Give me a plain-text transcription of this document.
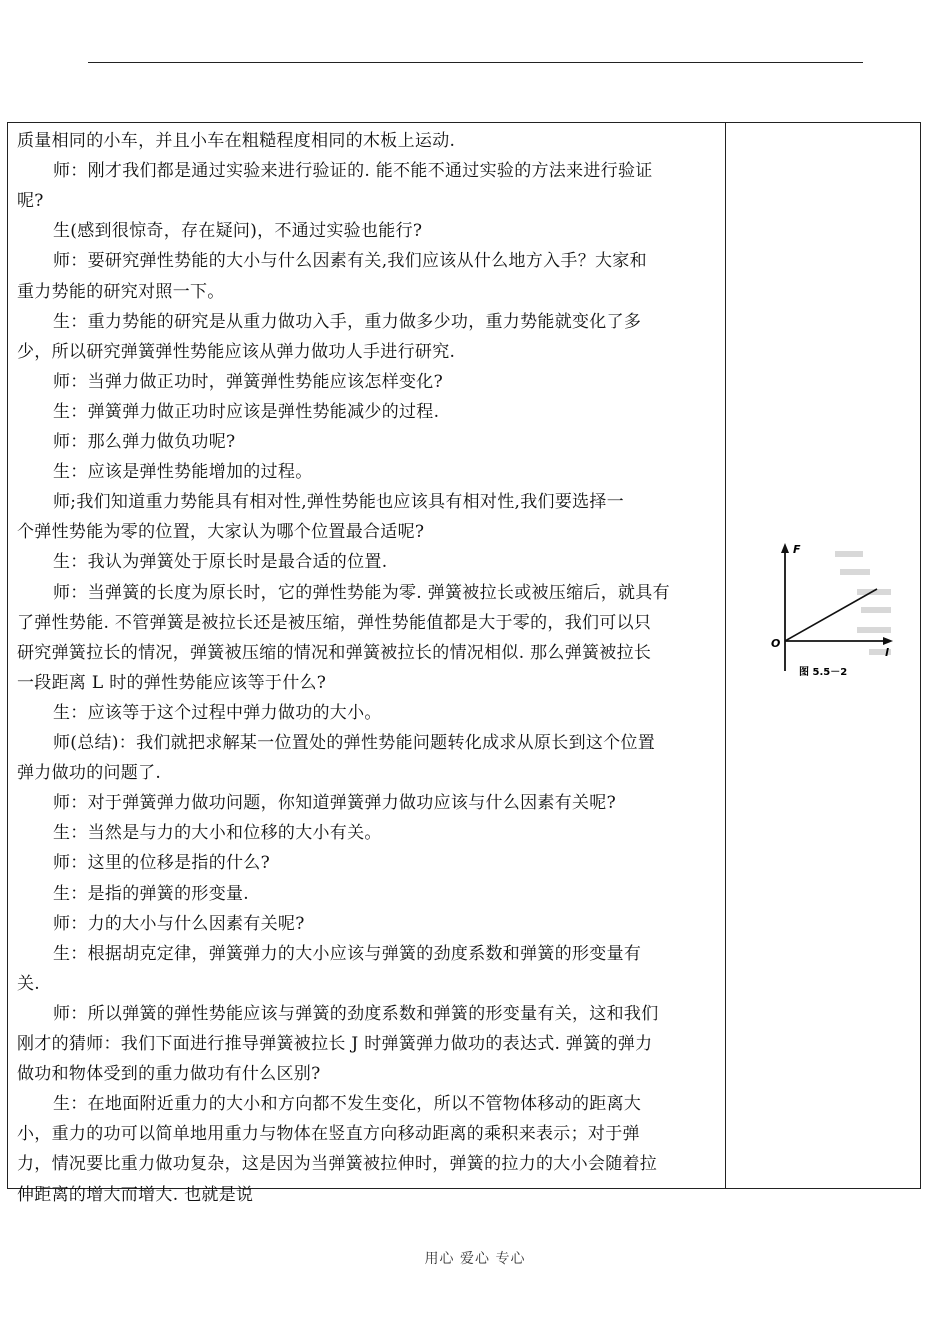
质量相同的小车，并且小车在粗糙程度相同的木板上运动.
师：刚才我们都是通过实验来进行验证的. 能不能不通过实验的方法来进行验证
呢?
生(感到很惊奇，存在疑问)，不通过实验也能行?
师：要研究弹性势能的大小与什么因素有关,我们应该从什么地方入手？大家和
重力势能的研究对照一下。
生：重力势能的研究是从重力做功入手，重力做多少功，重力势能就变化了多
少，所以研究弹簧弹性势能应该从弹力做功人手进行研究.
师：当弹力做正功时，弹簧弹性势能应该怎样变化?
生：弹簧弹力做正功时应该是弹性势能减少的过程.
师：那么弹力做负功呢?
生：应该是弹性势能增加的过程。
师;我们知道重力势能具有相对性,弹性势能也应该具有相对性,我们要选择一
个弹性势能为零的位置，大家认为哪个位置最合适呢?
生：我认为弹簧处于原长时是最合适的位置.
师：当弹簧的长度为原长时，它的弹性势能为零. 弹簧被拉长或被压缩后，就具有
了弹性势能. 不管弹簧是被拉长还是被压缩，弹性势能值都是大于零的，我们可以只
研究弹簧拉长的情况，弹簧被压缩的情况和弹簧被拉长的情况相似. 那么弹簧被拉长
一段距离 L 时的弹性势能应该等于什么?
生：应该等于这个过程中弹力做功的大小。
师(总结)：我们就把求解某一位置处的弹性势能问题转化成求从原长到这个位置
弹力做功的问题了.
师：对于弹簧弹力做功问题，你知道弹簧弹力做功应该与什么因素有关呢?
生：当然是与力的大小和位移的大小有关。
师：这里的位移是指的什么?
生：是指的弹簧的形变量.
师：力的大小与什么因素有关呢?
生：根据胡克定律，弹簧弹力的大小应该与弹簧的劲度系数和弹簧的形变量有
关.
师：所以弹簧的弹性势能应该与弹簧的劲度系数和弹簧的形变量有关，这和我们
刚才的猜师：我们下面进行推导弹簧被拉长 J 时弹簧弹力做功的表达式. 弹簧的弹力
做功和物体受到的重力做功有什么区别?
生：在地面附近重力的大小和方向都不发生变化，所以不管物体移动的距离大
小，重力的功可以简单地用重力与物体在竖直方向移动距离的乘积来表示；对于弹
力，情况要比重力做功复杂，这是因为当弹簧被拉伸时，弹簧的拉力的大小会随着拉
伸距离的增大而增大. 也就是说
F
l
O
图 5.5－2
用心 爱心 专心
